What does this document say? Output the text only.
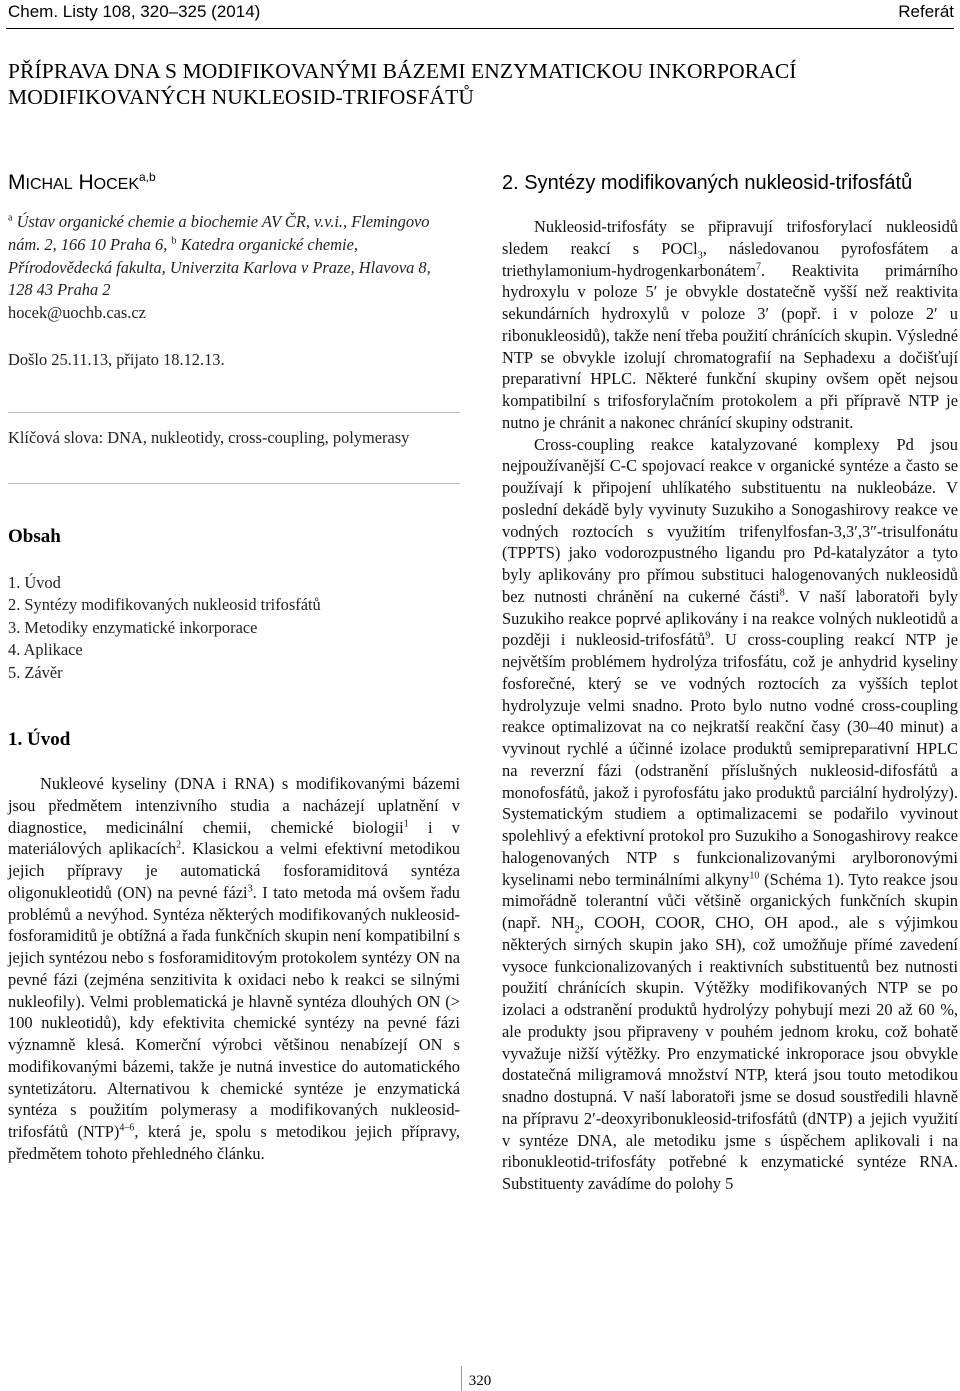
Chem. Listy 108, 320–325 (2014)	Referát
PŘÍPRAVA DNA S MODIFIKOVANÝMI BÁZEMI ENZYMATICKOU INKORPORACÍ MODIFIKOVANÝCH NUKLEOSID-TRIFOSFÁTŮ
MICHAL HOCEK$^{a,b}$
$^a$ Ústav organické chemie a biochemie AV ČR, v.v.i., Flemingovo nám. 2, 166 10 Praha 6, $^b$ Katedra organické chemie, Přírodovědecká fakulta, Univerzita Karlova v Praze, Hlavova 8, 128 43 Praha 2
hocek@uochb.cas.cz
Došlo 25.11.13, přijato 18.12.13.
Klíčová slova: DNA, nukleotidy, cross-coupling, polymerasy
Obsah
1. Úvod
2. Syntézy modifikovaných nukleosid trifosfátů
3. Metodiky enzymatické inkorporace
4. Aplikace
5. Závěr
1. Úvod

Nukleové kyseliny (DNA i RNA) s modifikovanými bázemi jsou předmětem intenzivního studia a nacházejí uplatnění v diagnostice, medicinální chemii, chemické biologii$^1$ i v materiálových aplikacích$^2$. Klasickou a velmi efektivní metodikou jejich přípravy je automatická fosforamiditová syntéza oligonukleotidů (ON) na pevné fázi$^3$. I tato metoda má ovšem řadu problémů a nevýhod. Syntéza některých modifikovaných nukleosid-fosforamiditů je obtížná a řada funkčních skupin není kompatibilní s jejich syntézou nebo s fosforamiditovým protokolem syntézy ON na pevné fázi (zejména senzitivita k oxidaci nebo k reakci se silnými nukleofily). Velmi problematická je hlavně syntéza dlouhých ON (> 100 nukleotidů), kdy efektivita chemické syntézy na pevné fázi významně klesá. Komerční výrobci většinou nenabízejí ON s modifikovanými bázemi, takže je nutná investice do automatického syntetizátoru. Alternativou k chemické syntéze je enzymatická syntéza s použitím polymerasy a modifikovaných nukleosid-trifosfátů (NTP)$^{4-6}$, která je, spolu s metodikou jejich přípravy, předmětem tohoto přehledného článku.

2. Syntézy modifikovaných nukleosid-trifosfátů

Nukleosid-trifosfáty se připravují trifosforylací nukleosidů sledem reakcí s POCl$_3$, následovanou pyrofosfátem a triethylamonium-hydrogenkarbonátem$^7$. Reaktivita primárního hydroxylu v poloze 5′ je obvykle dostatečně vyšší než reaktivita sekundárních hydroxylů v poloze 3′ (popř. i v poloze 2′ u ribonukleosidů), takže není třeba použití chránících skupin. Výsledné NTP se obvykle izolují chromatografií na Sephadexu a dočišťují preparativní HPLC. Některé funkční skupiny ovšem opět nejsou kompatibilní s trifosforylačním protokolem a při přípravě NTP je nutno je chránit a nakonec chránící skupiny odstranit.

Cross-coupling reakce katalyzované komplexy Pd jsou nejpoužívanější C-C spojovací reakce v organické syntéze a často se používají k připojení uhlíkatého substituentu na nukleobáze. V poslední dekádě byly vyvinuty Suzukiho a Sonogashirovy reakce ve vodných roztocích s využitím trifenylfosfan-3,3′,3″-trisulfonátu (TPPTS) jako vodorozpustného ligandu pro Pd-katalyzátor a tyto byly aplikovány pro přímou substituci halogenovaných nukleosidů bez nutnosti chránění na cukerné části$^8$. V naší laboratoři byly Suzukiho reakce poprvé aplikovány i na reakce volných nukleotidů a později i nukleosid-trifosfátů$^9$. U cross-coupling reakcí NTP je největším problémem hydrolýza trifosfátu, což je anhydrid kyseliny fosforečné, který se ve vodných roztocích za vyšších teplot hydrolyzuje velmi snadno. Proto bylo nutno vodné cross-coupling reakce optimalizovat na co nejkratší reakční časy (30–40 minut) a vyvinout rychlé a účinné izolace produktů semipreparativní HPLC na reverzní fázi (odstranění příslušných nukleosid-difosfátů a monofosfátů, jakož i pyrofosfátu jako produktů parciální hydrolýzy). Systematickým studiem a optimalizacemi se podařilo vyvinout spolehlivý a efektivní protokol pro Suzukiho a Sonogashirovy reakce halogenovaných NTP s funkcionalizovanými arylboronovými kyselinami nebo terminálními alkyny$^{10}$ (Schéma 1). Tyto reakce jsou mimořádně tolerantní vůči většině organických funkčních skupin (např. $NH_2$, COOH, COOR, CHO, OH apod., ale s výjimkou některých sirných skupin jako SH), což umožňuje přímé zavedení vysoce funkcionalizovaných i reaktivních substituentů bez nutnosti použití chránících skupin. Výtěžky modifikovaných NTP se po izolaci a odstranění produktů hydrolýzy pohybují mezi 20 až 60 %, ale produkty jsou připraveny v pouhém jednom kroku, což bohatě vyvažuje nižší výtěžky. Pro enzymatické inkroporace jsou obvykle dostatečná miligramová množství NTP, která jsou touto metodikou snadno dostupná. V naší laboratoři jsme se dosud soustředili hlavně na přípravu 2′-deoxyribonukleosid-trifosfátů (dNTP) a jejich využití v syntéze DNA, ale metodiku jsme s úspěchem aplikovali i na ribonukleotid-trifosfáty potřebné k enzymatické syntéze RNA. Substituenty zavádíme do polohy 5

320
